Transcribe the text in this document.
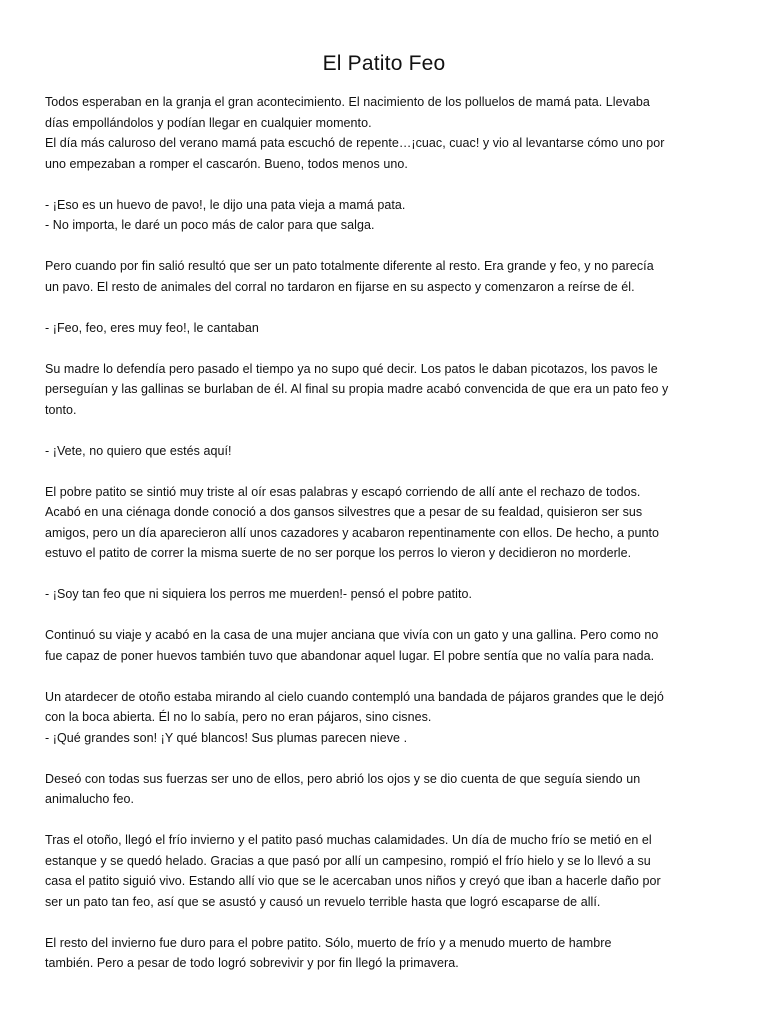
El Patito Feo

Todos esperaban en la granja el gran acontecimiento. El nacimiento de los polluelos de mamá pata. Llevaba
días empollándolos y podían llegar en cualquier momento.
El día más caluroso del verano mamá pata escuchó de repente…¡cuac, cuac! y vio al levantarse cómo uno por
uno empezaban a romper el cascarón. Bueno, todos menos uno.

- ¡Eso es un huevo de pavo!, le dijo una pata vieja a mamá pata.
- No importa, le daré un poco más de calor para que salga.

Pero cuando por fin salió resultó que ser un pato totalmente diferente al resto. Era grande y feo, y no parecía
un pavo. El resto de animales del corral no tardaron en fijarse en su aspecto y comenzaron a reírse de él.

- ¡Feo, feo, eres muy feo!, le cantaban

Su madre lo defendía pero pasado el tiempo ya no supo qué decir. Los patos le daban picotazos, los pavos le
perseguían y las gallinas se burlaban de él. Al final su propia madre acabó convencida de que era un pato feo y
tonto.

- ¡Vete, no quiero que estés aquí!

El pobre patito se sintió muy triste al oír esas palabras y escapó corriendo de allí ante el rechazo de todos.
Acabó en una ciénaga donde conoció a dos gansos silvestres que a pesar de su fealdad, quisieron ser sus
amigos, pero un día aparecieron allí unos cazadores y acabaron repentinamente con ellos. De hecho, a punto
estuvo el patito de correr la misma suerte de no ser porque los perros lo vieron y decidieron no morderle.

- ¡Soy tan feo que ni siquiera los perros me muerden!- pensó el pobre patito.

Continuó su viaje y acabó en la casa de una mujer anciana que vivía con un gato y una gallina. Pero como no
fue capaz de poner huevos también tuvo que abandonar aquel lugar. El pobre sentía que no valía para nada.

Un atardecer de otoño estaba mirando al cielo cuando contempló una bandada de pájaros grandes que le dejó
con la boca abierta. Él no lo sabía, pero no eran pájaros, sino cisnes.
- ¡Qué grandes son! ¡Y qué blancos! Sus plumas parecen nieve .

Deseó con todas sus fuerzas ser uno de ellos, pero abrió los ojos y se dio cuenta de que seguía siendo un
animalucho feo.

Tras el otoño, llegó el frío invierno y el patito pasó muchas calamidades. Un día de mucho frío se metió en el
estanque y se quedó helado. Gracias a que pasó por allí un campesino, rompió el frío hielo y se lo llevó a su
casa el patito siguió vivo. Estando allí vio que se le acercaban unos niños y creyó que iban a hacerle daño por
ser un pato tan feo, así que se asustó y causó un revuelo terrible hasta que logró escaparse de allí.

El resto del invierno fue duro para el pobre patito. Sólo, muerto de frío y a menudo muerto de hambre
también. Pero a pesar de todo logró sobrevivir y por fin llegó la primavera.
